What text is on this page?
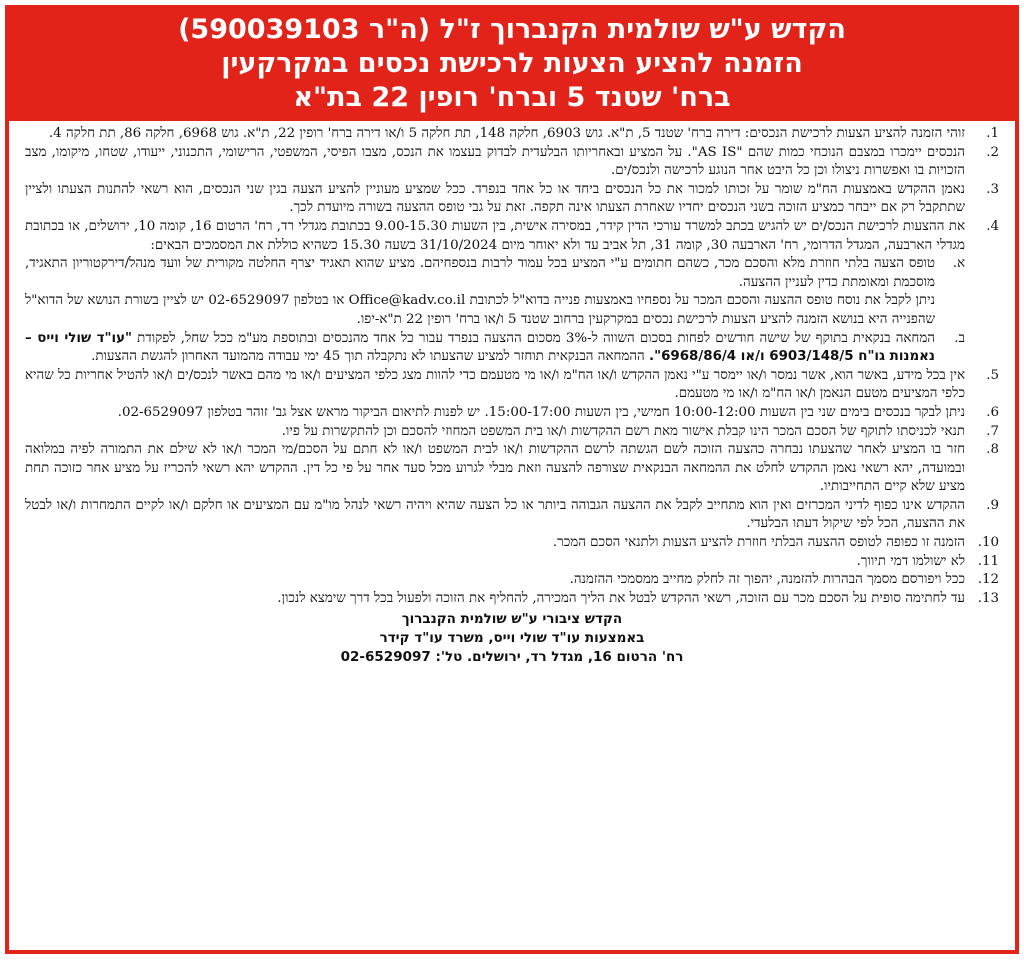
הקדש ע"ש שולמית הקנברוך ז"ל (ה"ר 590039103)
הזמנה להציע הצעות לרכישת נכסים במקרקעין
ברח' שטנד 5 וברח' רופין 22 בת"א
1.
זוהי הזמנה להציע הצעות לרכישת הנכסים: דירה ברח' שטנד 5, ת"א. גוש 6903, חלקה 148, תת חלקה 5 ו/או דירה ברח' רופין 22, ת"א. גוש 6968, חלקה 86, תת חלקה 4.
2.
הנכסים יימכרו במצבם הנוכחי כמות שהם "AS IS". על המציע ובאחריותו הבלעדית לבדוק בעצמו את הנכס, מצבו הפיסי, המשפטי, הרישומי, התכנוני, ייעודו, שטחו, מיקומו, מצב הזכויות בו ואפשרות ניצולו וכן כל היבט אחר הנוגע לרכישה ולנכס/ים.
3.
נאמן ההקדש באמצעות הח"מ שומר על זכותו למכור את כל הנכסים ביחד או כל אחד בנפרד. ככל שמציע מעוניין להציע הצעה בגין שני הנכסים, הוא רשאי להתנות הצעתו ולציין שתתקבל רק אם ייבחר כמציע הזוכה בשני הנכסים יחדיו שאחרת הצעתו אינה תקפה. זאת על גבי טופס ההצעה בשורה מיועדת לכך.
4.
את ההצעות לרכישת הנכס/ים יש להגיש בכתב למשרד עורכי הדין קידר, במסירה אישית, בין השעות 9.00-15.30 בכתובת מגדלי רד, רח' הרטום 16, קומה 10, ירושלים, או בכתובת מגדלי הארבעה, המגדל הדרומי, רח' הארבעה 30, קומה 31, תל אביב עד ולא יאוחר מיום 31/10/2024 בשעה 15.30 כשהיא כוללת את המסמכים הבאים:
א.
טופס הצעה בלתי חוזרת מלא והסכם מכר, כשהם חתומים ע"י המציע בכל עמוד לרבות בנספחיהם. מציע שהוא תאגיד יצרף החלטה מקורית של וועד מנהל/דירקטוריון התאגיד, מוסכמת ומאומתת כדין לעניין ההצעה.
ניתן לקבל את נוסח טופס ההצעה והסכם המכר על נספחיו באמצעות פנייה בדוא"ל לכתובת Office@kadv.co.il או בטלפון 02-6529097 יש לציין בשורת הנושא של הדוא"ל שהפנייה היא בנושא הזמנה להציע הצעות לרכישת נכסים במקרקעין ברחוב שטנד 5 ו/או ברח' רופין 22 ת"א-יפו.
ב.
המחאה בנקאית בתוקף של שישה חודשים לפחות בסכום השווה ל-3% מסכום ההצעה בנפרד עבור כל אחד מהנכסים ובתוספת מע"מ ככל שחל, לפקודת "עו"ד שולי וייס – נאמנות גו"ח 6903/148/5 ו/או 6968/86/4". ההמחאה הבנקאית תוחזר למציע שהצעתו לא נתקבלה תוך 45 ימי עבודה מהמועד האחרון להגשת ההצעות.
5.
אין בכל מידע, באשר הוא, אשר נמסר ו/או יימסר ע"י נאמן ההקדש ו/או הח"מ ו/או מי מטעמם כדי להוות מצג כלפי המציעים ו/או מי מהם באשר לנכס/ים ו/או להטיל אחריות כל שהיא כלפי המציעים מטעם הנאמן ו/או הח"מ ו/או מי מטעמם.
6.
ניתן לבקר בנכסים בימים שני בין השעות 10:00-12:00 חמישי, בין השעות 15:00-17:00. יש לפנות לתיאום הביקור מראש אצל גב' זוהר בטלפון 02-6529097.
7.
תנאי לכניסתו לתוקף של הסכם המכר הינו קבלת אישור מאת רשם ההקדשות ו/או בית המשפט המחוזי להסכם וכן להתקשרות על פיו.
8.
חזר בו המציע לאחר שהצעתו נבחרה כהצעה הזוכה לשם הגשתה לרשם ההקדשות ו/או לבית המשפט ו/או לא חתם על הסכם/מי המכר ו/או לא שילם את התמורה לפיה במלואה ובמועדה, יהא רשאי נאמן ההקדש לחלט את ההמחאה הבנקאית שצורפה להצעה וזאת מבלי לגרוע מכל סעד אחר על פי כל דין. ההקדש יהא רשאי להכריז על מציע אחר כזוכה תחת מציע שלא קיים התחייבותיו.
9.
ההקדש אינו כפוף לדיני המכרזים ואין הוא מתחייב לקבל את ההצעה הגבוהה ביותר או כל הצעה שהיא ויהיה רשאי לנהל מו"מ עם המציעים או חלקם ו/או לקיים התמחרות ו/או לבטל את ההצעה, הכל לפי שיקול דעתו הבלעדי.
10.
הזמנה זו כפופה לטופס ההצעה הבלתי חוזרת להציע הצעות ולתנאי הסכם המכר.
11.
לא ישולמו דמי תיווך.
12.
ככל ויפורסם מסמך הבהרות להזמנה, יהפוך זה לחלק מחייב ממסמכי ההזמנה.
13.
עד לחתימה סופית על הסכם מכר עם הזוכה, רשאי ההקדש לבטל את הליך המכירה, להחליף את הזוכה ולפעול בכל דרך שימצא לנכון.
הקדש ציבורי ע"ש שולמית הקנברוך
באמצעות עו"ד שולי וייס, משרד עו"ד קידר
רח' הרטום 16, מגדל רד, ירושלים. טל': 02-6529097
